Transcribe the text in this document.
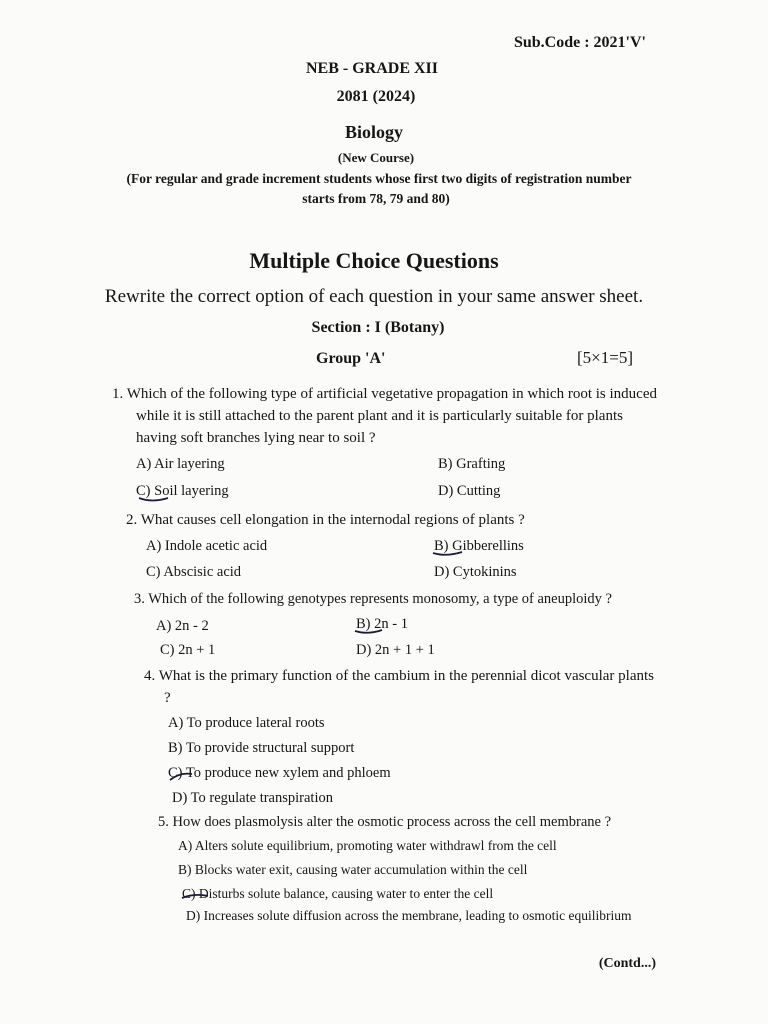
Sub.Code : 2021'V'
NEB - GRADE XII
2081 (2024)
Biology
(New Course)
(For regular and grade increment students whose first two digits of registration number
starts from 78, 79 and 80)
Multiple Choice Questions
Rewrite the correct option of each question in your same answer sheet.
Section : I (Botany)
Group 'A'	[5×1=5]
1. Which of the following type of artificial vegetative propagation in which root is induced while it is still attached to the parent plant and it is particularly suitable for plants having soft branches lying near to soil ?
A) Air layering	B) Grafting
C) Soil layering	D) Cutting
2. What causes cell elongation in the internodal regions of plants ?
A) Indole acetic acid	B) Gibberellins
C) Abscisic acid	D) Cytokinins
3. Which of the following genotypes represents monosomy, a type of aneuploidy ?
A) 2n - 2	B) 2n - 1
C) 2n + 1	D) 2n + 1 + 1
4. What is the primary function of the cambium in the perennial dicot vascular plants ?
A) To produce lateral roots
B) To provide structural support
C) To produce new xylem and phloem
D) To regulate transpiration
5. How does plasmolysis alter the osmotic process across the cell membrane ?
A) Alters solute equilibrium, promoting water withdrawl from the cell
B) Blocks water exit, causing water accumulation within the cell
C) Disturbs solute balance, causing water to enter the cell
D) Increases solute diffusion across the membrane, leading to osmotic equilibrium
(Contd...)
